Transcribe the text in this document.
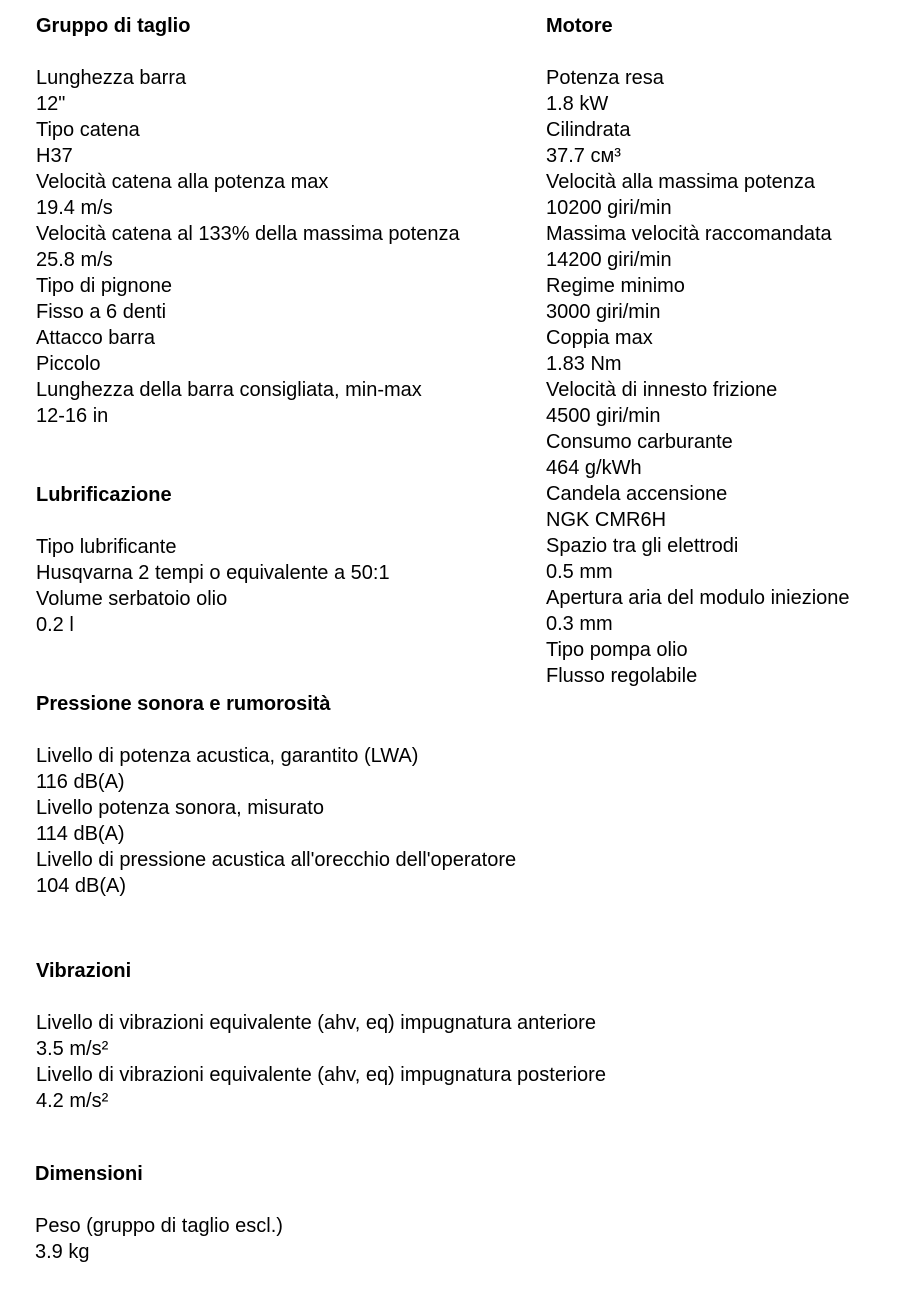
Gruppo di taglio
Lunghezza barra
12"
Tipo catena
H37
Velocità catena alla potenza max
19.4 m/s
Velocità catena al 133% della massima potenza
25.8 m/s
Tipo di pignone
Fisso a 6 denti
Attacco barra
Piccolo
Lunghezza della barra consigliata, min-max
12-16 in
Motore
Potenza resa
1.8 kW
Cilindrata
37.7 см³
Velocità alla massima potenza
10200 giri/min
Massima velocità raccomandata
14200 giri/min
Regime minimo
3000 giri/min
Coppia max
1.83 Nm
Velocità di innesto frizione
4500 giri/min
Consumo carburante
464 g/kWh
Candela accensione
NGK CMR6H
Spazio tra gli elettrodi
0.5 mm
Apertura aria del modulo iniezione
0.3 mm
Tipo pompa olio
Flusso regolabile
Lubrificazione
Tipo lubrificante
Husqvarna 2 tempi o equivalente a 50:1
Volume serbatoio olio
0.2 l
Pressione sonora e rumorosità
Livello di potenza acustica, garantito (LWA)
116 dB(A)
Livello potenza sonora, misurato
114 dB(A)
Livello di pressione acustica all'orecchio dell'operatore
104 dB(A)
Vibrazioni
Livello di vibrazioni equivalente (ahv, eq) impugnatura anteriore
3.5 m/s²
Livello di vibrazioni equivalente (ahv, eq) impugnatura posteriore
4.2 m/s²
Dimensioni
Peso (gruppo di taglio escl.)
3.9 kg
